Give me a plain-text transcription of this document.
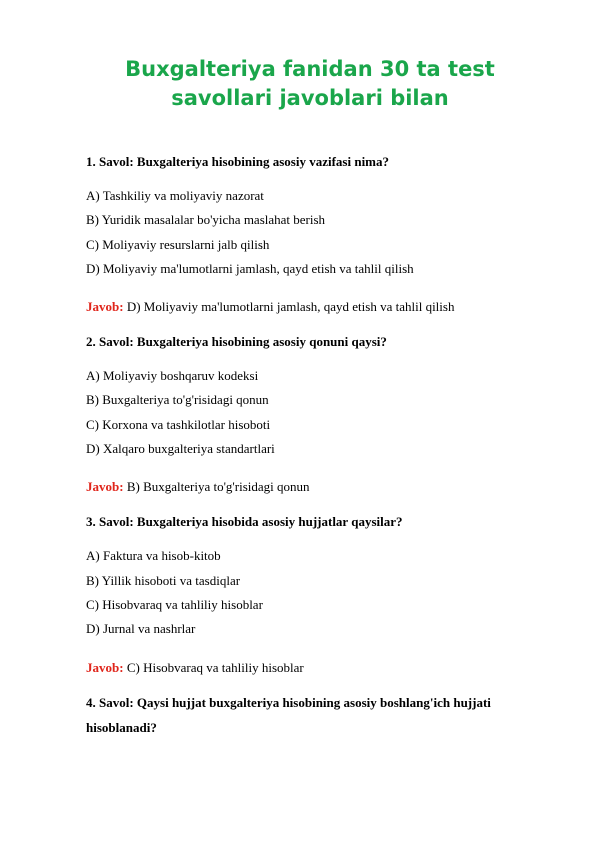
Buxgalteriya fanidan 30 ta test savollari javoblari bilan

1. Savol: Buxgalteriya hisobining asosiy vazifasi nima?

A) Tashkiliy va moliyaviy nazorat

B) Yuridik masalalar bo'yicha maslahat berish

C) Moliyaviy resurslarni jalb qilish

D) Moliyaviy ma'lumotlarni jamlash, qayd etish va tahlil qilish

Javob: D) Moliyaviy ma'lumotlarni jamlash, qayd etish va tahlil qilish

2. Savol: Buxgalteriya hisobining asosiy qonuni qaysi?

A) Moliyaviy boshqaruv kodeksi

B) Buxgalteriya to'g'risidagi qonun

C) Korxona va tashkilotlar hisoboti

D) Xalqaro buxgalteriya standartlari

Javob: B) Buxgalteriya to'g'risidagi qonun

3. Savol: Buxgalteriya hisobida asosiy hujjatlar qaysilar?

A) Faktura va hisob-kitob

B) Yillik hisoboti va tasdiqlar

C) Hisobvaraq va tahliliy hisoblar

D) Jurnal va nashrlar

Javob: C) Hisobvaraq va tahliliy hisoblar

4. Savol: Qaysi hujjat buxgalteriya hisobining asosiy boshlang'ich hujjati hisoblanadi?
